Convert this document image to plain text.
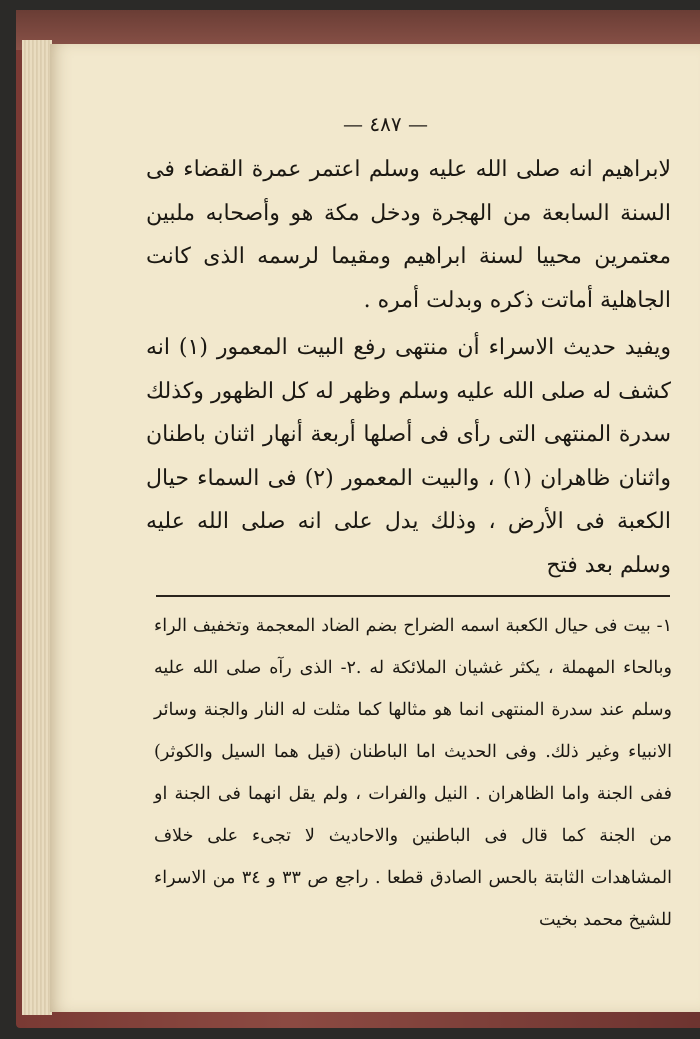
— ٤٨٧ —

لابراهيم انه صلى الله عليه وسلم اعتمر عمرة القضاء فى السنة السابعة من الهجرة ودخل مكة هو وأصحابه ملبين معتمرين محييا لسنة ابراهيم ومقيما لرسمه الذى كانت الجاهلية أماتت ذكره وبدلت أمره .

ويفيد حديث الاسراء أن منتهى رفع البيت المعمور (١) انه كشف له صلى الله عليه وسلم وظهر له كل الظهور وكذلك سدرة المنتهى التى رأى فى أصلها أربعة أنهار اثنان باطنان واثنان ظاهران (١) ، والبيت المعمور (٢) فى السماء حيال الكعبة فى الأرض ، وذلك يدل على انه صلى الله عليه وسلم بعد فتح

١- بيت فى حيال الكعبة اسمه الضراح بضم الضاد المعجمة وتخفيف الراء وبالحاء المهملة ، يكثر غشيان الملائكة له .٢- الذى رآه صلى الله عليه وسلم عند سدرة المنتهى انما هو مثالها كما مثلت له النار والجنة وسائر الانبياء وغير ذلك. وفى الحديث اما الباطنان (قيل هما السيل والكوثر) ففى الجنة واما الظاهران . النيل والفرات ، ولم يقل انهما فى الجنة او من الجنة كما قال فى الباطنين والاحاديث لا تجىء على خلاف المشاهدات الثابتة بالحس الصادق قطعا . راجع ص ٣٣ و ٣٤ من الاسراء للشيخ محمد بخيت
